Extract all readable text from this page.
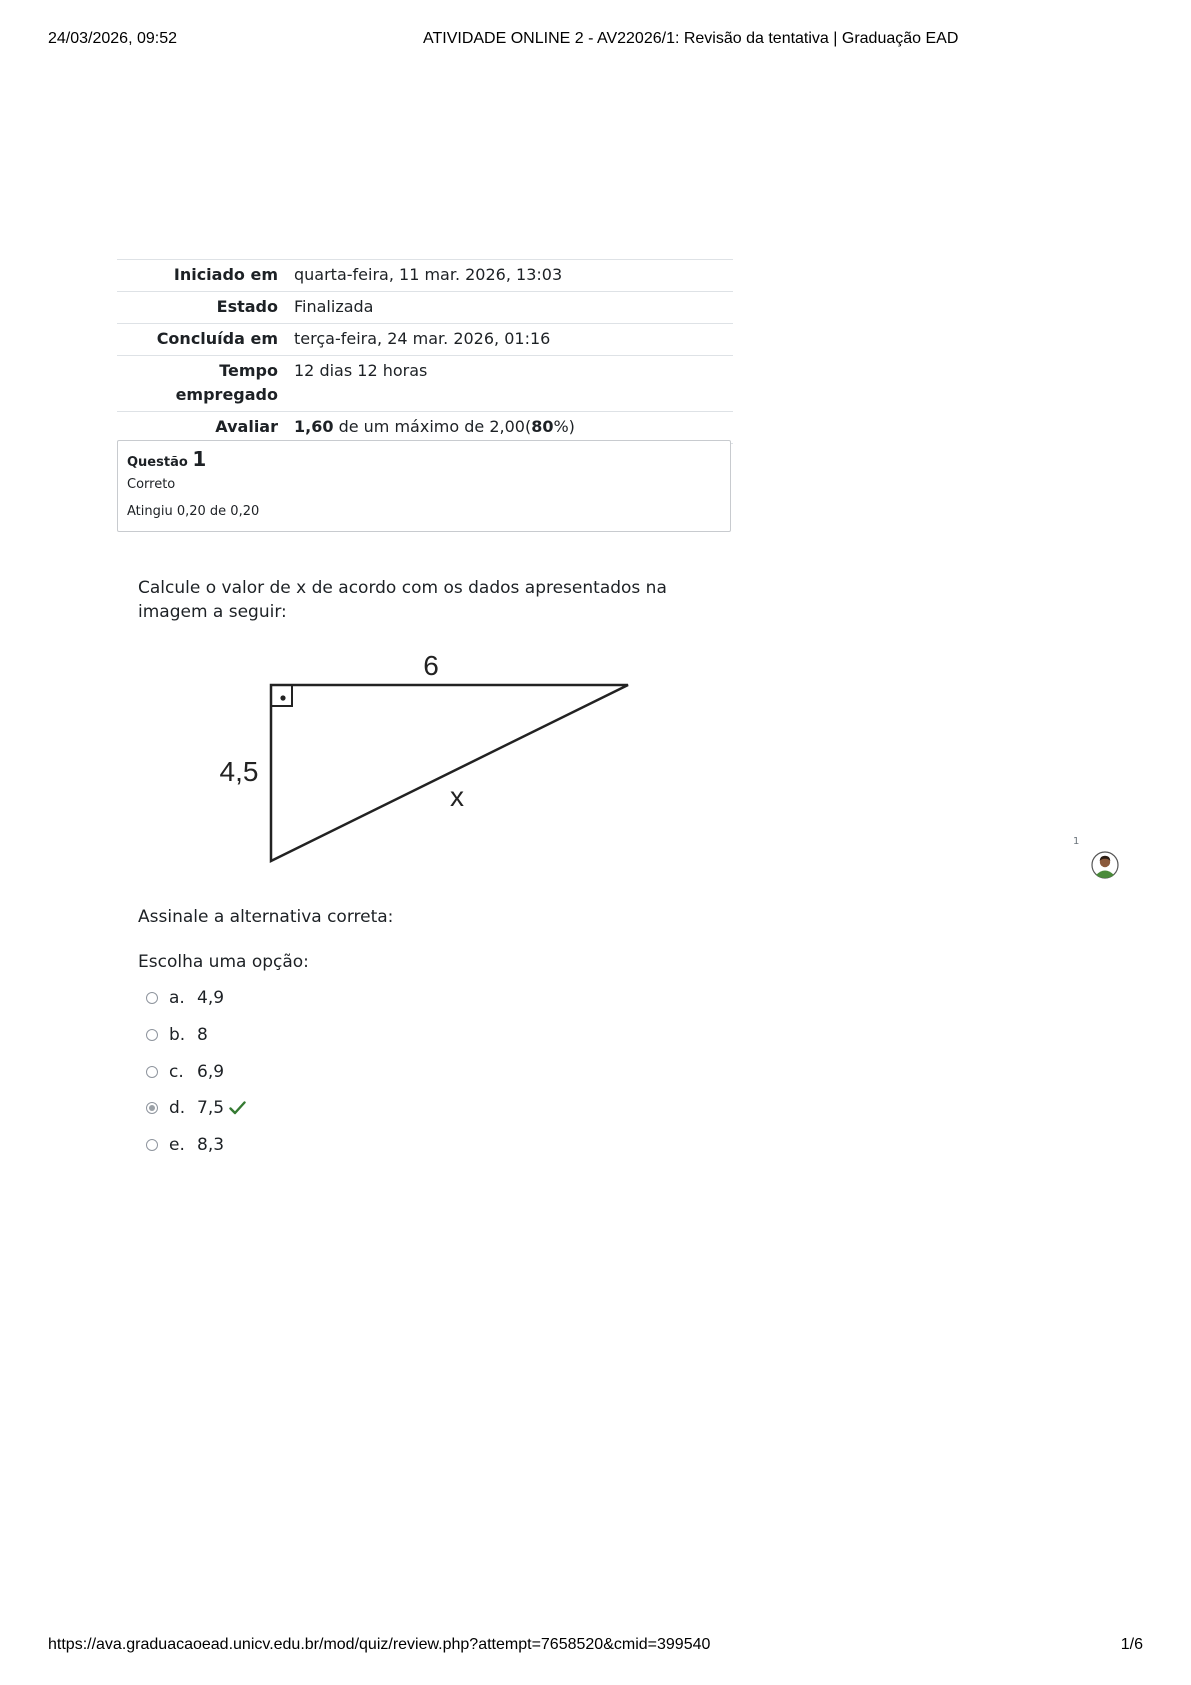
24/03/2026, 09:52	ATIVIDADE ONLINE 2 - AV22026/1: Revisão da tentativa | Graduação EAD
Iniciado em	quarta-feira, 11 mar. 2026, 13:03
Estado	Finalizada
Concluída em	terça-feira, 24 mar. 2026, 01:16
Tempo
empregado	12 dias 12 horas
Avaliar	1,60 de um máximo de 2,00(80%)
Questão 1
Correto
Atingiu 0,20 de 0,20
Calcule o valor de x de acordo com os dados apresentados na imagem a seguir:
6
4,5
x
Assinale a alternativa correta:
Escolha uma opção:
a. 4,9
b. 8
c. 6,9
d. 7,5
e. 8,3
1
https://ava.graduacaoead.unicv.edu.br/mod/quiz/review.php?attempt=7658520&cmid=399540	1/6
